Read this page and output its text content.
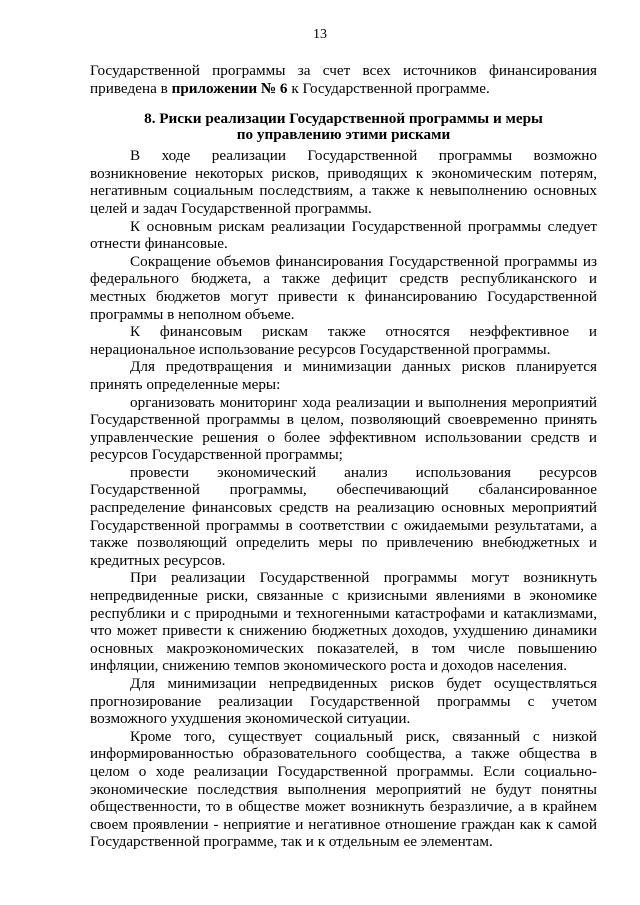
13

Государственной программы за счет всех источников финансирования приведена в приложении № 6 к Государственной программе.

8. Риски реализации Государственной программы и меры
по управлению этими рисками

В ходе реализации Государственной программы возможно возникновение некоторых рисков, приводящих к экономическим потерям, негативным социальным последствиям, а также к невыполнению основных целей и задач Государственной программы.

К основным рискам реализации Государственной программы следует отнести финансовые.

Сокращение объемов финансирования Государственной программы из федерального бюджета, а также дефицит средств республиканского и местных бюджетов могут привести к финансированию Государственной программы в неполном объеме.

К финансовым рискам также относятся неэффективное и нерациональное использование ресурсов Государственной программы.

Для предотвращения и минимизации данных рисков планируется принять определенные меры:

организовать мониторинг хода реализации и выполнения мероприятий Государственной программы в целом, позволяющий своевременно принять управленческие решения о более эффективном использовании средств и ресурсов Государственной программы;

провести экономический анализ использования ресурсов Государственной программы, обеспечивающий сбалансированное распределение финансовых средств на реализацию основных мероприятий Государственной программы в соответствии с ожидаемыми результатами, а также позволяющий определить меры по привлечению внебюджетных и кредитных ресурсов.

При реализации Государственной программы могут возникнуть непредвиденные риски, связанные с кризисными явлениями в экономике республики и с природными и техногенными катастрофами и катаклизмами, что может привести к снижению бюджетных доходов, ухудшению динамики основных макроэкономических показателей, в том числе повышению инфляции, снижению темпов экономического роста и доходов населения.

Для минимизации непредвиденных рисков будет осуществляться прогнозирование реализации Государственной программы с учетом возможного ухудшения экономической ситуации.

Кроме того, существует социальный риск, связанный с низкой информированностью образовательного сообщества, а также общества в целом о ходе реализации Государственной программы. Если социально-экономические последствия выполнения мероприятий не будут понятны общественности, то в обществе может возникнуть безразличие, а в крайнем своем проявлении - неприятие и негативное отношение граждан как к самой Государственной программе, так и к отдельным ее элементам.
